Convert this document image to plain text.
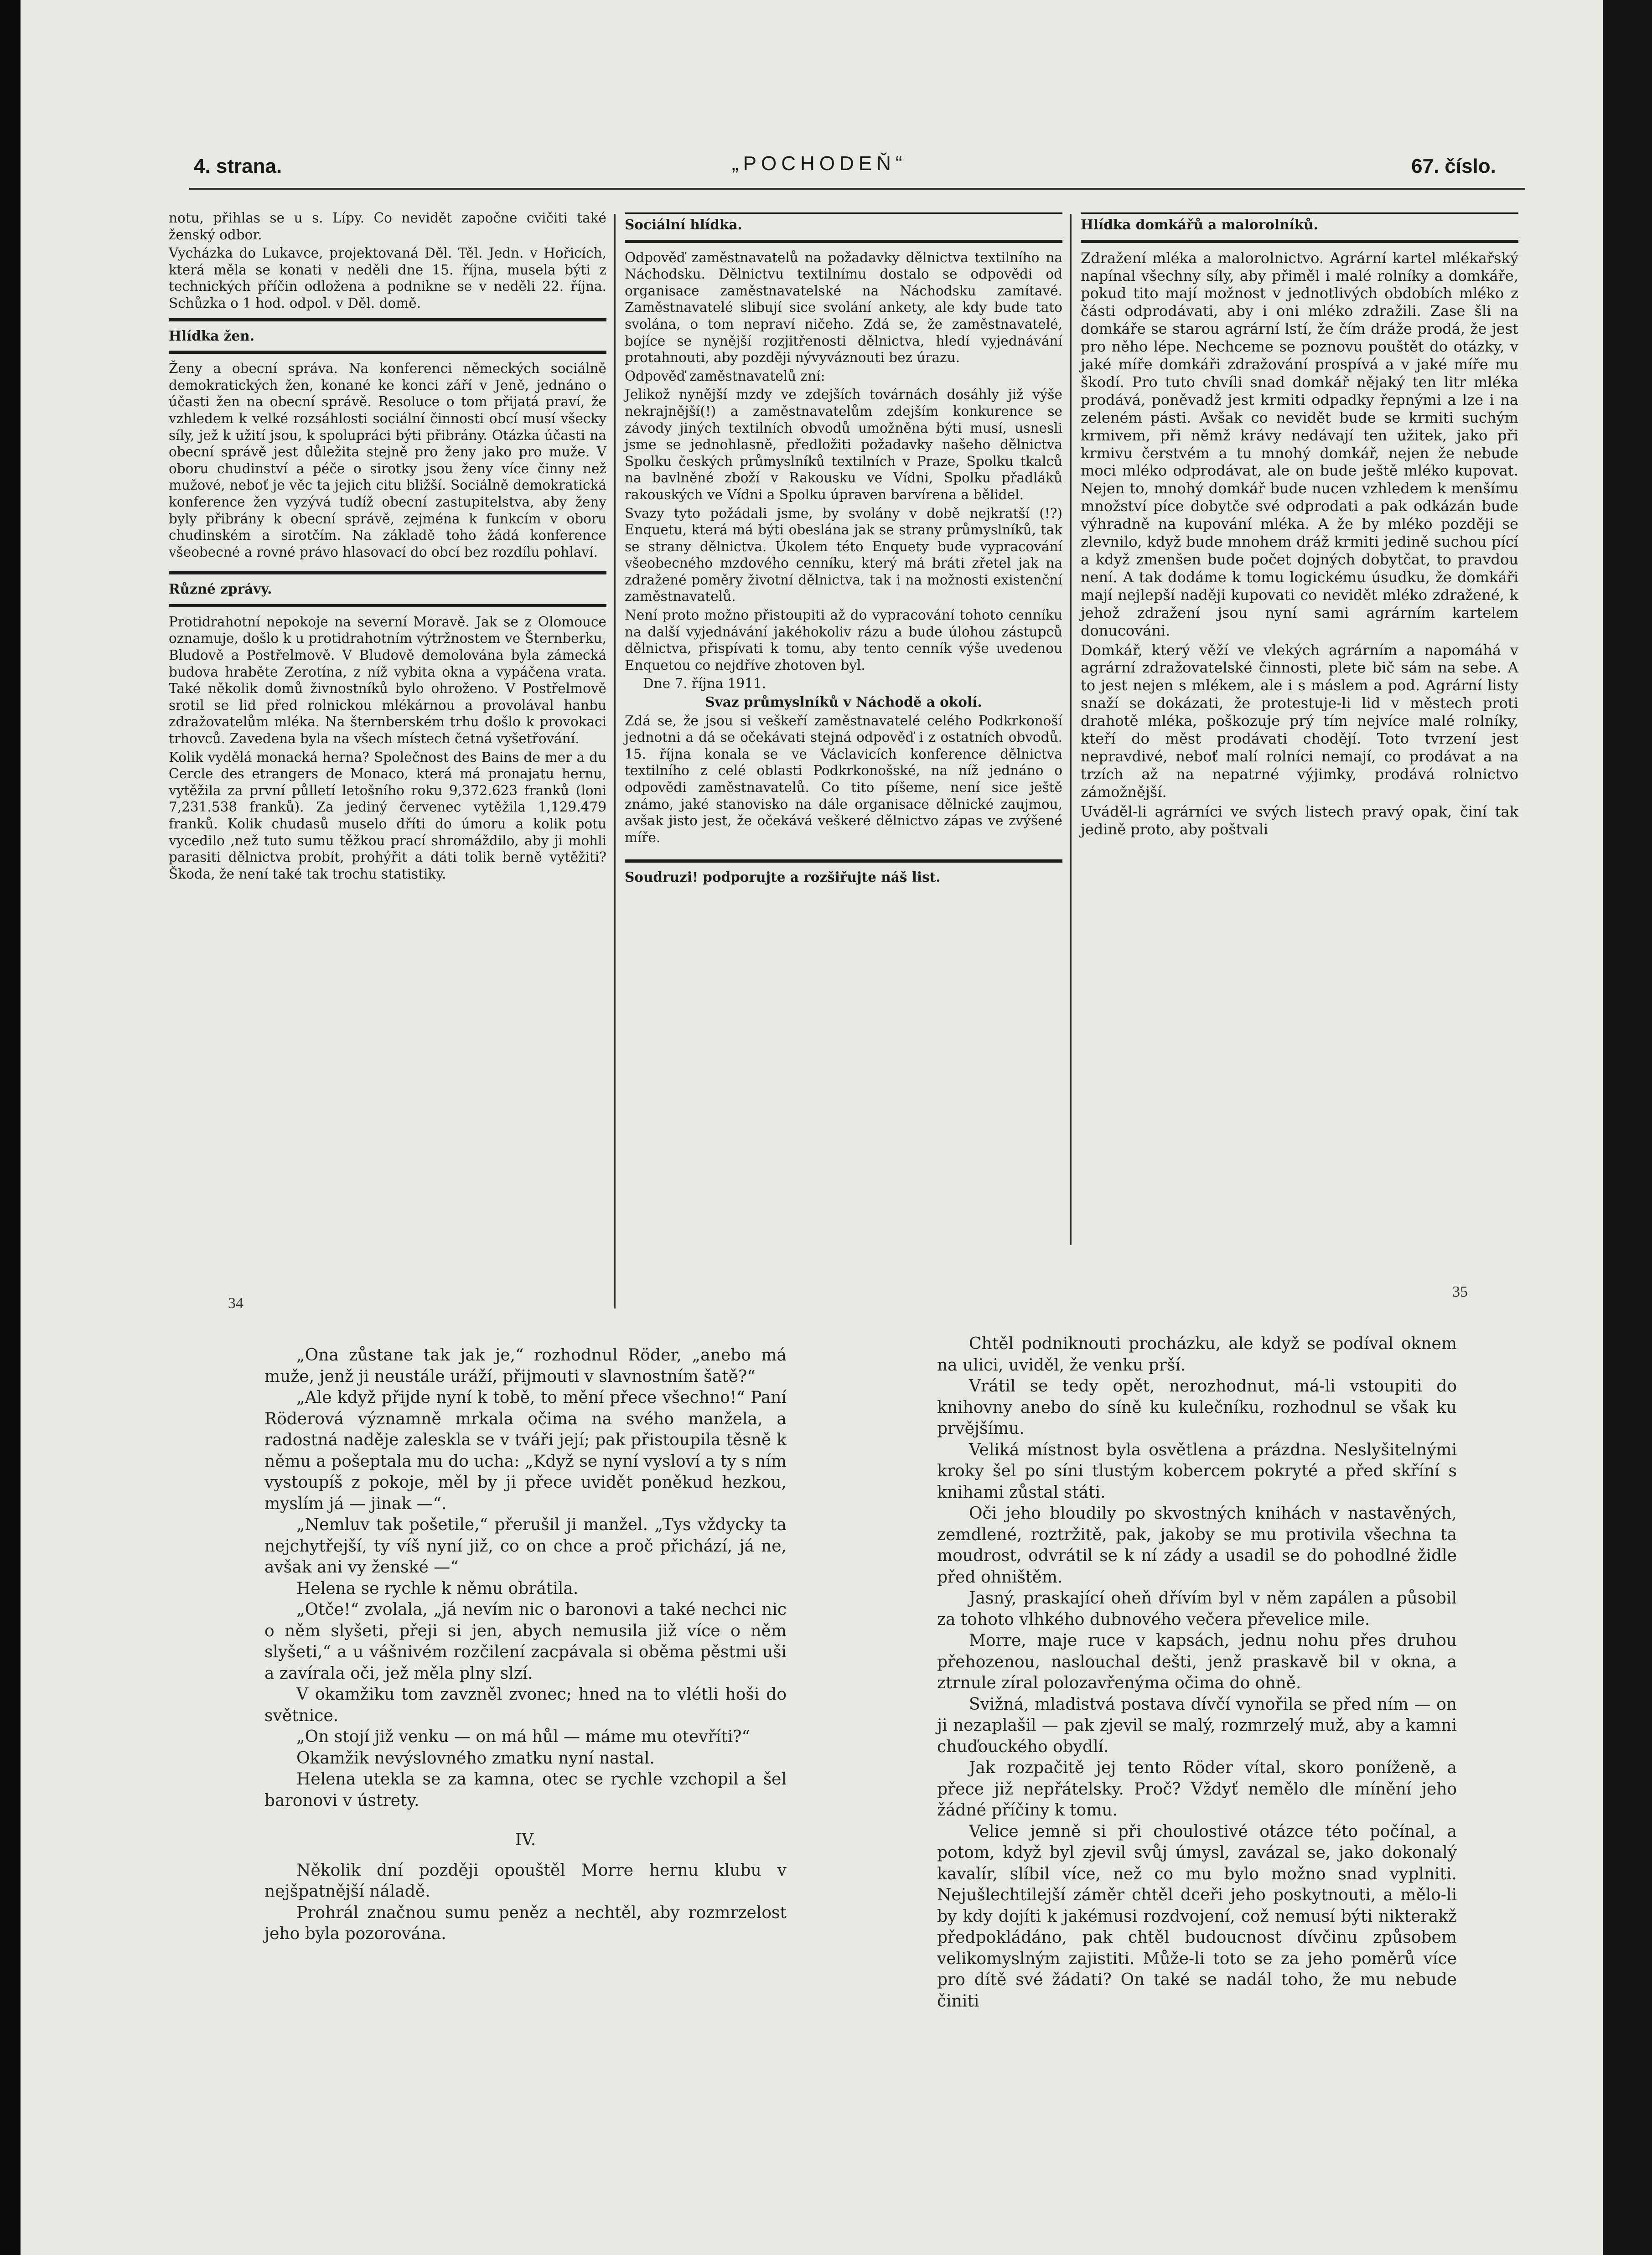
4. strana.	„POCHODEŇ“	67. číslo.

notu, přihlas se u s. Lípy. Co nevidět započne cvičiti také ženský odbor.

Vycházka do Lukavce, projektovaná Děl. Těl. Jedn. v Hořicích, která měla se konati v neděli dne 15. října, musela býti z technických příčin odložena a podnikne se v neděli 22. října. Schůzka o 1 hod. odpol. v Děl. domě.

Hlídka žen.

Ženy a obecní správa. Na konferenci německých sociálně demokratických žen, konané ke konci září v Jeně, jednáno o účasti žen na obecní správě. Resoluce o tom přijatá praví, že vzhledem k velké rozsáhlosti sociální činnosti obcí musí všecky síly, jež k užití jsou, k spolupráci býti přibrány. Otázka účasti na obecní správě jest důležita stejně pro ženy jako pro muže. V oboru chudinství a péče o sirotky jsou ženy více činny než mužové, neboť je věc ta jejich citu bližší. Sociálně demokratická konference žen vyzývá tudíž obecní zastupitelstva, aby ženy byly přibrány k obecní správě, zejména k funkcím v oboru chudinském a sirotčím. Na základě toho žádá konference všeobecné a rovné právo hlasovací do obcí bez rozdílu pohlaví.

Různé zprávy.

Protidrahotní nepokoje na severní Moravě. Jak se z Olomouce oznamuje, došlo k u protidrahotním výtržnostem ve Šternberku, Bludově a Postřelmově. V Bludově demolována byla zámecká budova hraběte Zerotína, z níž vybita okna a vypáčena vrata. Také několik domů živnostníků bylo ohroženo. V Postřelmově srotil se lid před rolnickou mlékárnou a provolával hanbu zdražovatelům mléka. Na šternberském trhu došlo k provokaci trhovců. Zavedena byla na všech místech četná vyšetřování.

Kolik vydělá monacká herna? Společnost des Bains de mer a du Cercle des etrangers de Monaco, která má pronajatu hernu, vytěžila za první půlletí letošního roku 9,372.623 franků (loni 7,231.538 franků). Za jediný červenec vytěžila 1,129.479 franků. Kolik chudasů muselo dříti do úmoru a kolik potu vycedilo ‚než tuto sumu těžkou prací shromáždilo, aby ji mohli parasiti dělnictva probít, prohýřit a dáti tolik berně vytěžiti? Škoda, že není také tak trochu statistiky.

Sociální hlídka.

Odpověď zaměstnavatelů na požadavky dělnictva textilního na Náchodsku. Dělnictvu textilnímu dostalo se odpovědi od organisace zaměstnavatelské na Náchodsku zamítavé. Zaměstnavatelé slibují sice svolání ankety, ale kdy bude tato svolána, o tom nepraví ničeho. Zdá se, že zaměstnavatelé, bojíce se nynější rozjitřenosti dělnictva, hledí vyjednávání protahnouti, aby později nývyváznouti bez úrazu.

Odpověď zaměstnavatelů zní:

Jelikož nynější mzdy ve zdejších továrnách dosáhly již výše nekrajnější(!) a zaměstnavatelům zdejším konkurence se závody jiných textilních obvodů umožněna býti musí, usnesli jsme se jednohlasně, předložiti požadavky našeho dělnictva Spolku českých průmyslníků textilních v Praze, Spolku tkalců na bavlněné zboží v Rakousku ve Vídni, Spolku přadláků rakouských ve Vídni a Spolku úpraven barvírena a bělidel.

Svazy tyto požádali jsme, by svolány v době nejkratší (!?) Enquetu, která má býti obeslána jak se strany průmyslníků, tak se strany dělnictva. Úkolem této Enquety bude vypracování všeobecného mzdového cenníku, který má bráti zřetel jak na zdražené poměry životní dělnictva, tak i na možnosti existenční zaměstnavatelů.

Není proto možno přistoupiti až do vypracování tohoto cenníku na další vyjednávání jakéhokoliv rázu a bude úlohou zástupců dělnictva, přispívati k tomu, aby tento cenník výše uvedenou Enquetou co nejdříve zhotoven byl.

Dne 7. října 1911.

Svaz průmyslníků v Náchodě a okolí.

Zdá se, že jsou si veškeří zaměstnavatelé celého Podkrkonoší jednotni a dá se očekávati stejná odpověď i z ostatních obvodů. 15. října konala se ve Václavicích konference dělnictva textilního z celé oblasti Podkrkonošské, na níž jednáno o odpovědi zaměstnavatelů. Co tito píšeme, není sice ještě známo, jaké stanovisko na dále organisace dělnické zaujmou, avšak jisto jest, že očekává veškeré dělnictvo zápas ve zvýšené míře.

Soudruzi! podporujte a rozšiřujte náš list.

Hlídka domkářů a malorolníků.

Zdražení mléka a malorolnictvo. Agrární kartel mlékařský napínal všechny síly, aby přiměl i malé rolníky a domkáře, pokud tito mají možnost v jednotlivých obdobích mléko z části odprodávati, aby i oni mléko zdražili. Zase šli na domkáře se starou agrární lstí, že čím dráže prodá, že jest pro něho lépe. Nechceme se poznovu pouštět do otázky, v jaké míře domkáři zdražování prospívá a v jaké míře mu škodí. Pro tuto chvíli snad domkář nějaký ten litr mléka prodává, poněvadž jest krmiti odpadky řepnými a lze i na zeleném pásti. Avšak co nevidět bude se krmiti suchým krmivem, při němž krávy nedávají ten užitek, jako při krmivu čerstvém a tu mnohý domkář, nejen že nebude moci mléko odprodávat, ale on bude ještě mléko kupovat. Nejen to, mnohý domkář bude nucen vzhledem k menšímu množství píce dobytče své odprodati a pak odkázán bude výhradně na kupování mléka. A že by mléko později se zlevnilo, když bude mnohem dráž krmiti jedině suchou pící a když zmenšen bude počet dojných dobytčat, to pravdou není. A tak dodáme k tomu logickému úsudku, že domkáři mají nejlepší naději kupovati co nevidět mléko zdražené, k jehož zdražení jsou nyní sami agrárním kartelem donucováni.

Domkář, který věží ve vlekých agrárním a napomáhá v agrární zdražovatelské činnosti, plete bič sám na sebe. A to jest nejen s mlékem, ale i s máslem a pod. Agrární listy snaží se dokázati, že protestuje-li lid v městech proti drahotě mléka, poškozuje prý tím nejvíce malé rolníky, kteří do měst prodávati chodějí. Toto tvrzení jest nepravdivé, neboť malí rolníci nemají, co prodávat a na trzích až na nepatrné výjimky, prodává rolnictvo zámožnější.

Uváděl-li agrárníci ve svých listech pravý opak, činí tak jedině proto, aby poštvali

34
35

„Ona zůstane tak jak je,“ rozhodnul Röder, „anebo má muže, jenž ji neustále uráží, přijmouti v slavnostním šatě?“

„Ale když přijde nyní k tobě, to mění přece všechno!“ Paní Röderová významně mrkala očima na svého manžela, a radostná naděje zaleskla se v tváři její; pak přistoupila těsně k němu a pošeptala mu do ucha: „Když se nyní vysloví a ty s ním vystoupíš z pokoje, měl by ji přece uvidět poněkud hezkou, myslím já — jinak —“.

„Nemluv tak pošetile,“ přerušil ji manžel. „Tys vždycky ta nejchytřejší, ty víš nyní již, co on chce a proč přichází, já ne, avšak ani vy ženské —“

Helena se rychle k němu obrátila.

„Otče!“ zvolala, „já nevím nic o baronovi a také nechci nic o něm slyšeti, přeji si jen, abych nemusila již více o něm slyšeti,“ a u vášnivém rozčilení zacpávala si oběma pěstmi uši a zavírala oči, jež měla plny slzí.

V okamžiku tom zavzněl zvonec; hned na to vlétli hoši do světnice.

„On stojí již venku — on má hůl — máme mu otevříti?“

Okamžik nevýslovného zmatku nyní nastal.

Helena utekla se za kamna, otec se rychle vzchopil a šel baronovi v ústrety.

IV.

Několik dní později opouštěl Morre hernu klubu v nejšpatnější náladě.

Prohrál značnou sumu peněz a nechtěl, aby rozmrzelost jeho byla pozorována.

Chtěl podniknouti procházku, ale když se podíval oknem na ulici, uviděl, že venku prší.

Vrátil se tedy opět, nerozhodnut, má-li vstoupiti do knihovny anebo do síně ku kulečníku, rozhodnul se však ku prvějšímu.

Veliká místnost byla osvětlena a prázdna. Neslyšitelnými kroky šel po síni tlustým kobercem pokryté a před skříní s knihami zůstal státi.

Oči jeho bloudily po skvostných knihách v nastavěných, zemdlené, roztržitě, pak, jakoby se mu protivila všechna ta moudrost, odvrátil se k ní zády a usadil se do pohodlné židle před ohništěm.

Jasný, praskající oheň dřívím byl v něm zapálen a působil za tohoto vlhkého dubnového večera převelice mile.

Morre, maje ruce v kapsách, jednu nohu přes druhou přehozenou, naslouchal dešti, jenž praskavě bil v okna, a ztrnule zíral polozavřenýma očima do ohně.

Svižná, mladistvá postava dívčí vynořila se před ním — on ji nezaplašil — pak zjevil se malý, rozmrzelý muž, aby a kamni chuďouckého obydlí.

Jak rozpačitě jej tento Röder vítal, skoro poníženě, a přece již nepřátelsky. Proč? Vždyť nemělo dle mínění jeho žádné příčiny k tomu.

Velice jemně si při choulostivé otázce této počínal, a potom, když byl zjevil svůj úmysl, zavázal se, jako dokonalý kavalír, slíbil více, než co mu bylo možno snad vyplniti. Nejušlechtilejší záměr chtěl dceři jeho poskytnouti, a mělo-li by kdy dojíti k jakémusi rozdvojení, což nemusí býti nikterakž předpokládáno, pak chtěl budoucnost dívčinu způsobem velikomyslným zajistiti. Může-li toto se za jeho poměrů více pro dítě své žádati? On také se nadál toho, že mu nebude činiti
